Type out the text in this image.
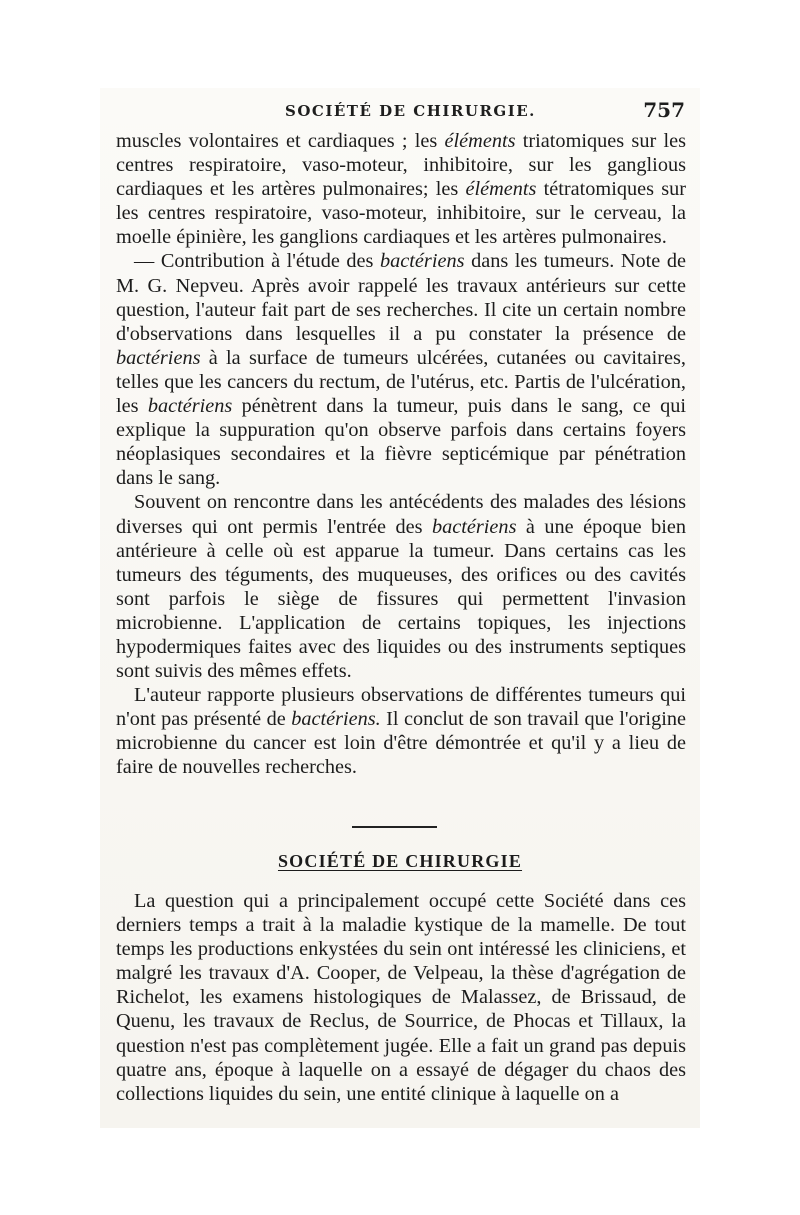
SOCIÉTÉ DE CHIRURGIE.	757

muscles volontaires et cardiaques ; les éléments triatomiques sur les centres respiratoire, vaso-moteur, inhibitoire, sur les ganglious cardiaques et les artères pulmonaires; les éléments tétratomiques sur les centres respiratoire, vaso-moteur, inhibitoire, sur le cerveau, la moelle épinière, les ganglions cardiaques et les artères pulmonaires.

— Contribution à l'étude des bactériens dans les tumeurs. Note de M. G. Nepveu. Après avoir rappelé les travaux antérieurs sur cette question, l'auteur fait part de ses recherches. Il cite un certain nombre d'observations dans lesquelles il a pu constater la présence de bactériens à la surface de tumeurs ulcérées, cutanées ou cavitaires, telles que les cancers du rectum, de l'utérus, etc. Partis de l'ulcération, les bactériens pénètrent dans la tumeur, puis dans le sang, ce qui explique la suppuration qu'on observe parfois dans certains foyers néoplasiques secondaires et la fièvre septicémique par pénétration dans le sang.

Souvent on rencontre dans les antécédents des malades des lésions diverses qui ont permis l'entrée des bactériens à une époque bien antérieure à celle où est apparue la tumeur. Dans certains cas les tumeurs des téguments, des muqueuses, des orifices ou des cavités sont parfois le siège de fissures qui permettent l'invasion microbienne. L'application de certains topiques, les injections hypodermiques faites avec des liquides ou des instruments septiques sont suivis des mêmes effets.

L'auteur rapporte plusieurs observations de différentes tumeurs qui n'ont pas présenté de bactériens. Il conclut de son travail que l'origine microbienne du cancer est loin d'être démontrée et qu'il y a lieu de faire de nouvelles recherches.

SOCIÉTÉ DE CHIRURGIE

La question qui a principalement occupé cette Société dans ces derniers temps a trait à la maladie kystique de la mamelle. De tout temps les productions enkystées du sein ont intéressé les cliniciens, et malgré les travaux d'A. Cooper, de Velpeau, la thèse d'agrégation de Richelot, les examens histologiques de Malassez, de Brissaud, de Quenu, les travaux de Reclus, de Sourrice, de Phocas et Tillaux, la question n'est pas complètement jugée. Elle a fait un grand pas depuis quatre ans, époque à laquelle on a essayé de dégager du chaos des collections liquides du sein, une entité clinique à laquelle on a
